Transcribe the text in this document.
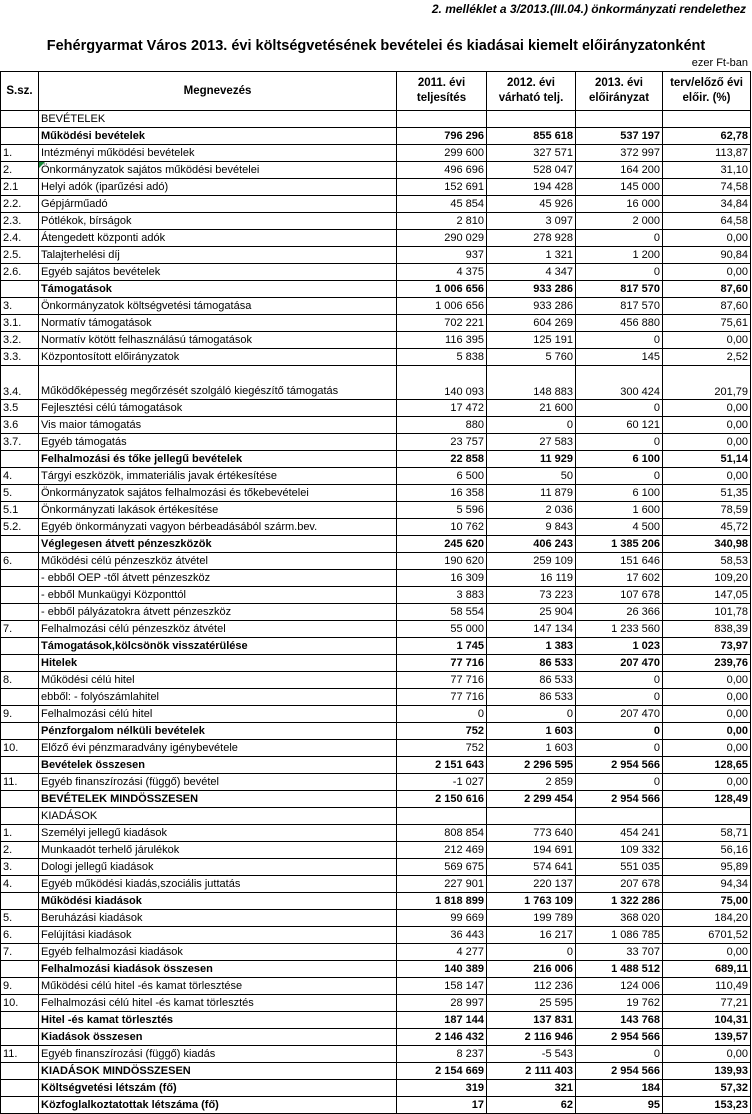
2. melléklet a 3/2013.(III.04.) önkormányzati rendelethez
Fehérgyarmat Város 2013. évi költségvetésének bevételei és kiadásai kiemelt előirányzatonként
ezer Ft-ban
S.sz.	Megnevezés	2011. évi teljesítés	2012. évi várható telj.	2013. évi előirányzat	terv/előző évi előir. (%)
	BEVÉTELEK				
	Működési bevételek	796 296	855 618	537 197	62,78
1.	Intézményi működési bevételek	299 600	327 571	372 997	113,87
2.	Önkormányzatok sajátos működési bevételei	496 696	528 047	164 200	31,10
2.1	Helyi adók (iparűzési adó)	152 691	194 428	145 000	74,58
2.2.	Gépjárműadó	45 854	45 926	16 000	34,84
2.3.	Pótlékok, bírságok	2 810	3 097	2 000	64,58
2.4.	Átengedett központi adók	290 029	278 928	0	0,00
2.5.	Talajterhelési díj	937	1 321	1 200	90,84
2.6.	Egyéb sajátos bevételek	4 375	4 347	0	0,00
	Támogatások	1 006 656	933 286	817 570	87,60
3.	Önkormányzatok költségvetési támogatása	1 006 656	933 286	817 570	87,60
3.1.	Normatív támogatások	702 221	604 269	456 880	75,61
3.2.	Normatív kötött felhasználású támogatások	116 395	125 191	0	0,00
3.3.	Központosított előirányzatok	5 838	5 760	145	2,52
3.4.	Működőképesség megőrzését szolgáló kiegészítő támogatás	140 093	148 883	300 424	201,79
3.5	Fejlesztési célú támogatások	17 472	21 600	0	0,00
3.6	Vis maior támogatás	880	0	60 121	0,00
3.7.	Egyéb támogatás	23 757	27 583	0	0,00
	Felhalmozási és tőke jellegű bevételek	22 858	11 929	6 100	51,14
4.	Tárgyi eszközök, immateriális javak értékesítése	6 500	50	0	0,00
5.	Önkormányzatok sajátos felhalmozási és tőkebevételei	16 358	11 879	6 100	51,35
5.1	Önkormányzati lakások értékesítése	5 596	2 036	1 600	78,59
5.2.	Egyéb önkormányzati vagyon bérbeadásából szárm.bev.	10 762	9 843	4 500	45,72
	Véglegesen átvett pénzeszközök	245 620	406 243	1 385 206	340,98
6.	Működési célú pénzeszköz átvétel	190 620	259 109	151 646	58,53
	- ebből OEP -től átvett pénzeszköz	16 309	16 119	17 602	109,20
	- ebből Munkaügyi Központtól	3 883	73 223	107 678	147,05
	- ebből pályázatokra átvett pénzeszköz	58 554	25 904	26 366	101,78
7.	Felhalmozási célú pénzeszköz átvétel	55 000	147 134	1 233 560	838,39
	Támogatások,kölcsönök visszatérülése	1 745	1 383	1 023	73,97
	Hitelek	77 716	86 533	207 470	239,76
8.	Működési célú hitel	77 716	86 533	0	0,00
	ebből: - folyószámlahitel	77 716	86 533	0	0,00
9.	Felhalmozási célú hitel	0	0	207 470	0,00
	Pénzforgalom nélküli bevételek	752	1 603	0	0,00
10.	Előző évi pénzmaradvány igénybevétele	752	1 603	0	0,00
	Bevételek összesen	2 151 643	2 296 595	2 954 566	128,65
11.	Egyéb finanszírozási (függő) bevétel	-1 027	2 859	0	0,00
	BEVÉTELEK MINDÖSSZESEN	2 150 616	2 299 454	2 954 566	128,49
	KIADÁSOK				
1.	Személyi jellegű kiadások	808 854	773 640	454 241	58,71
2.	Munkaadót terhelő járulékok	212 469	194 691	109 332	56,16
3.	Dologi jellegű kiadások	569 675	574 641	551 035	95,89
4.	Egyéb működési kiadás,szociális juttatás	227 901	220 137	207 678	94,34
	Működési kiadások	1 818 899	1 763 109	1 322 286	75,00
5.	Beruházási kiadások	99 669	199 789	368 020	184,20
6.	Felújítási kiadások	36 443	16 217	1 086 785	6701,52
7.	Egyéb felhalmozási kiadások	4 277	0	33 707	0,00
	Felhalmozási kiadások összesen	140 389	216 006	1 488 512	689,11
9.	Működési célú hitel -és kamat törlesztése	158 147	112 236	124 006	110,49
10.	Felhalmozási célú hitel -és kamat törlesztés	28 997	25 595	19 762	77,21
	Hitel -és kamat törlesztés	187 144	137 831	143 768	104,31
	Kiadások összesen	2 146 432	2 116 946	2 954 566	139,57
11.	Egyéb finanszírozási (függő) kiadás	8 237	-5 543	0	0,00
	KIADÁSOK MINDÖSSZESEN	2 154 669	2 111 403	2 954 566	139,93
	Költségvetési létszám (fő)	319	321	184	57,32
	Közfoglalkoztatottak létszáma (fő)	17	62	95	153,23
